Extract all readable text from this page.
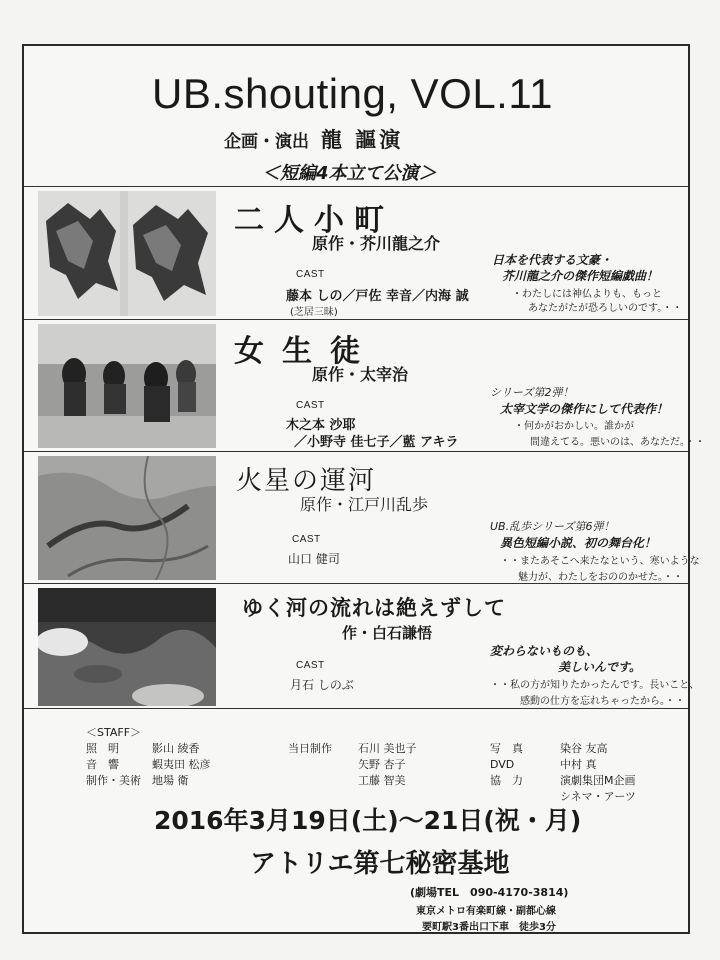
UB.shouting, VOL.11
企画・演出 龍 謳演
＜短編4本立て公演＞
二人小町
原作・芥川龍之介
CAST
藤本 しの／戸佐 幸音／内海 誠
(芝居三昧)
日本を代表する文豪・
芥川龍之介の傑作短編戯曲！
・わたしには神仏よりも、もっと
あなたがたが恐ろしいのです。・・
女生徒
原作・太宰治
CAST
木之本 沙耶
／小野寺 佳七子／藍 アキラ
シリーズ第2弾！
太宰文学の傑作にして代表作！
・何かがおかしい。誰かが
間違えてる。悪いのは、あなただ。・・
火星の運河
原作・江戸川乱歩
CAST
山口 健司
UB.乱歩シリーズ第6弾！
異色短編小説、初の舞台化！
・・またあそこへ来たなという、寒いような
魅力が、わたしをおののかせた。・・
ゆく河の流れは絶えずして
作・白石謙悟
CAST
月石 しのぶ
変わらないものも、
美しいんです。
・・私の方が知りたかったんです。長いこと、
感動の仕方を忘れちゃったから。・・
＜STAFF＞
照　明	影山 綾香
音　響	蝦夷田 松彦
制作・美術 地場 衛
当日制作 石川 美也子
矢野 杏子
工藤 智美
写　真	染谷 友高
DVD	中村 真
協　力	演劇集団M企画
シネマ・アーツ
2016年3月19日(土)～21日(祝・月)
アトリエ第七秘密基地
(劇場TEL　090-4170-3814)
東京メトロ有楽町線・副都心線
要町駅3番出口下車　徒歩3分
